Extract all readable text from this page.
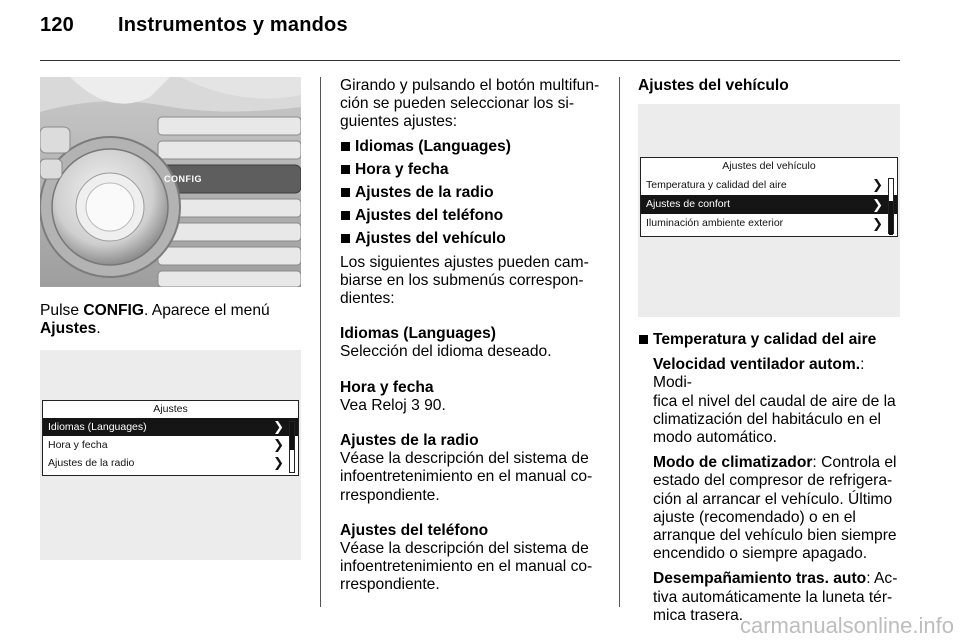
120 Instrumentos y mandos
CONFIG

Pulse CONFIG. Aparece el menú

Ajustes.

Ajustes
Idiomas (Languages)	❯
Hora y fecha	❯
Ajustes de la radio	❯

Girando y pulsando el botón multifun-

ción se pueden seleccionar los si-

guientes ajustes:

Idiomas (Languages)

Hora y fecha

Ajustes de la radio

Ajustes del teléfono

Ajustes del vehículo

Los siguientes ajustes pueden cam-

biarse en los submenús correspon-

dientes:

Idiomas (Languages)

Selección del idioma deseado.

Hora y fecha

Vea Reloj 3 90.

Ajustes de la radio

Véase la descripción del sistema de

infoentretenimiento en el manual co-

rrespondiente.

Ajustes del teléfono

Véase la descripción del sistema de

infoentretenimiento en el manual co-

rrespondiente.

Ajustes del vehículo

Ajustes del vehículo
Temperatura y calidad del aire	❯
Ajustes de confort	❯
Iluminación ambiente exterior	❯

Temperatura y calidad del aire

Velocidad ventilador autom.: Modi-

fica el nivel del caudal de aire de la

climatización del habitáculo en el

modo automático.

Modo de climatizador: Controla el

estado del compresor de refrigera-

ción al arrancar el vehículo. Último

ajuste (recomendado) o en el

arranque del vehículo bien siempre

encendido o siempre apagado.

Desempañamiento tras. auto: Ac-

tiva automáticamente la luneta tér-

mica trasera.

carmanualsonline.info
